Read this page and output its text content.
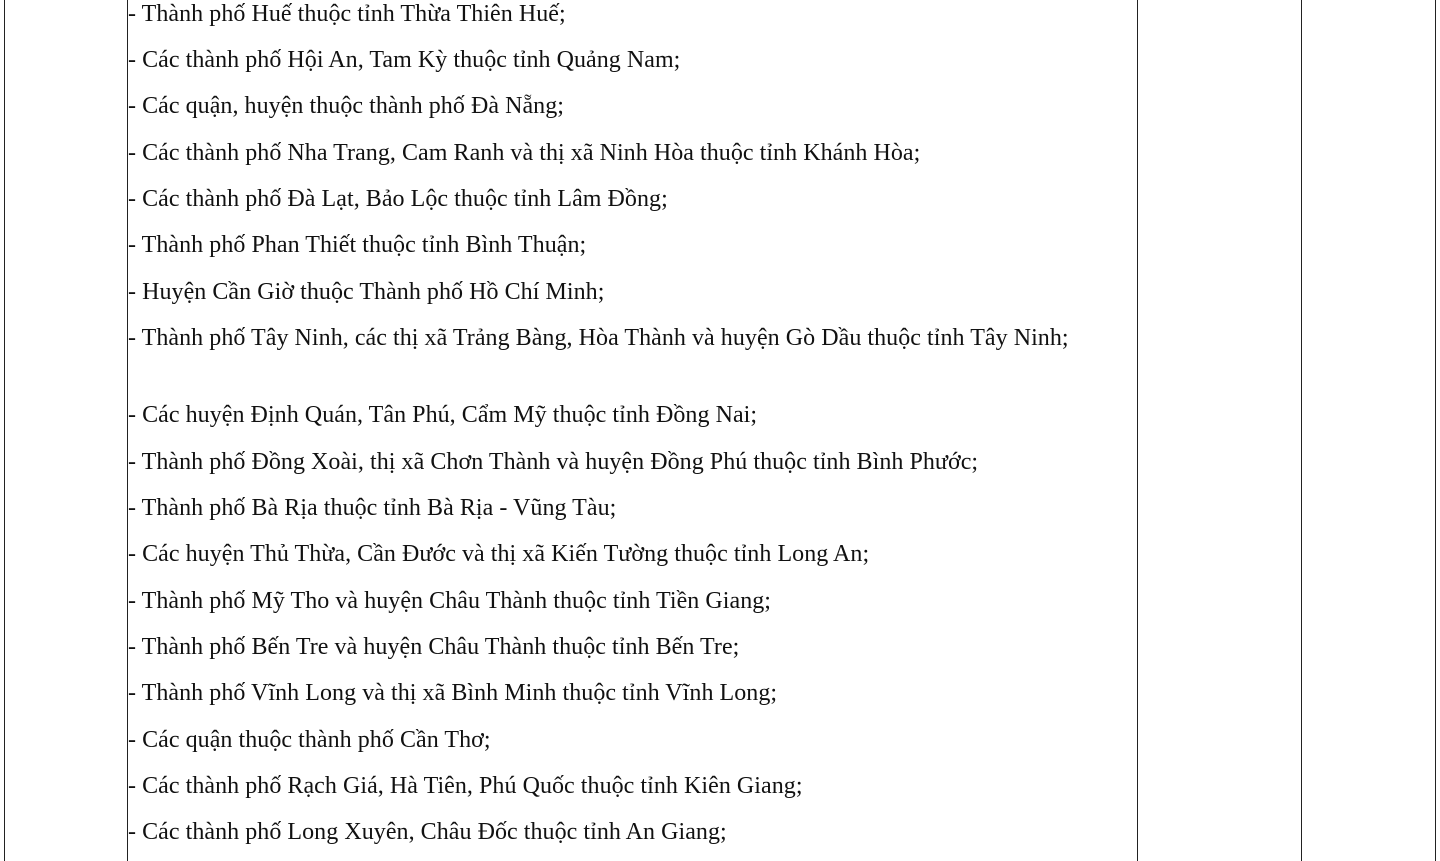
- Thành phố Huế thuộc tỉnh Thừa Thiên Huế;

- Các thành phố Hội An, Tam Kỳ thuộc tỉnh Quảng Nam;

- Các quận, huyện thuộc thành phố Đà Nẵng;

- Các thành phố Nha Trang, Cam Ranh và thị xã Ninh Hòa thuộc tỉnh Khánh Hòa;

- Các thành phố Đà Lạt, Bảo Lộc thuộc tỉnh Lâm Đồng;

- Thành phố Phan Thiết thuộc tỉnh Bình Thuận;

- Huyện Cần Giờ thuộc Thành phố Hồ Chí Minh;

- Thành phố Tây Ninh, các thị xã Trảng Bàng, Hòa Thành và huyện Gò Dầu thuộc tỉnh Tây Ninh;

- Các huyện Định Quán, Tân Phú, Cẩm Mỹ thuộc tỉnh Đồng Nai;

- Thành phố Đồng Xoài, thị xã Chơn Thành và huyện Đồng Phú thuộc tỉnh Bình Phước;

- Thành phố Bà Rịa thuộc tỉnh Bà Rịa - Vũng Tàu;

- Các huyện Thủ Thừa, Cần Đước và thị xã Kiến Tường thuộc tỉnh Long An;

- Thành phố Mỹ Tho và huyện Châu Thành thuộc tỉnh Tiền Giang;

- Thành phố Bến Tre và huyện Châu Thành thuộc tỉnh Bến Tre;

- Thành phố Vĩnh Long và thị xã Bình Minh thuộc tỉnh Vĩnh Long;

- Các quận thuộc thành phố Cần Thơ;

- Các thành phố Rạch Giá, Hà Tiên, Phú Quốc thuộc tỉnh Kiên Giang;

- Các thành phố Long Xuyên, Châu Đốc thuộc tỉnh An Giang;
